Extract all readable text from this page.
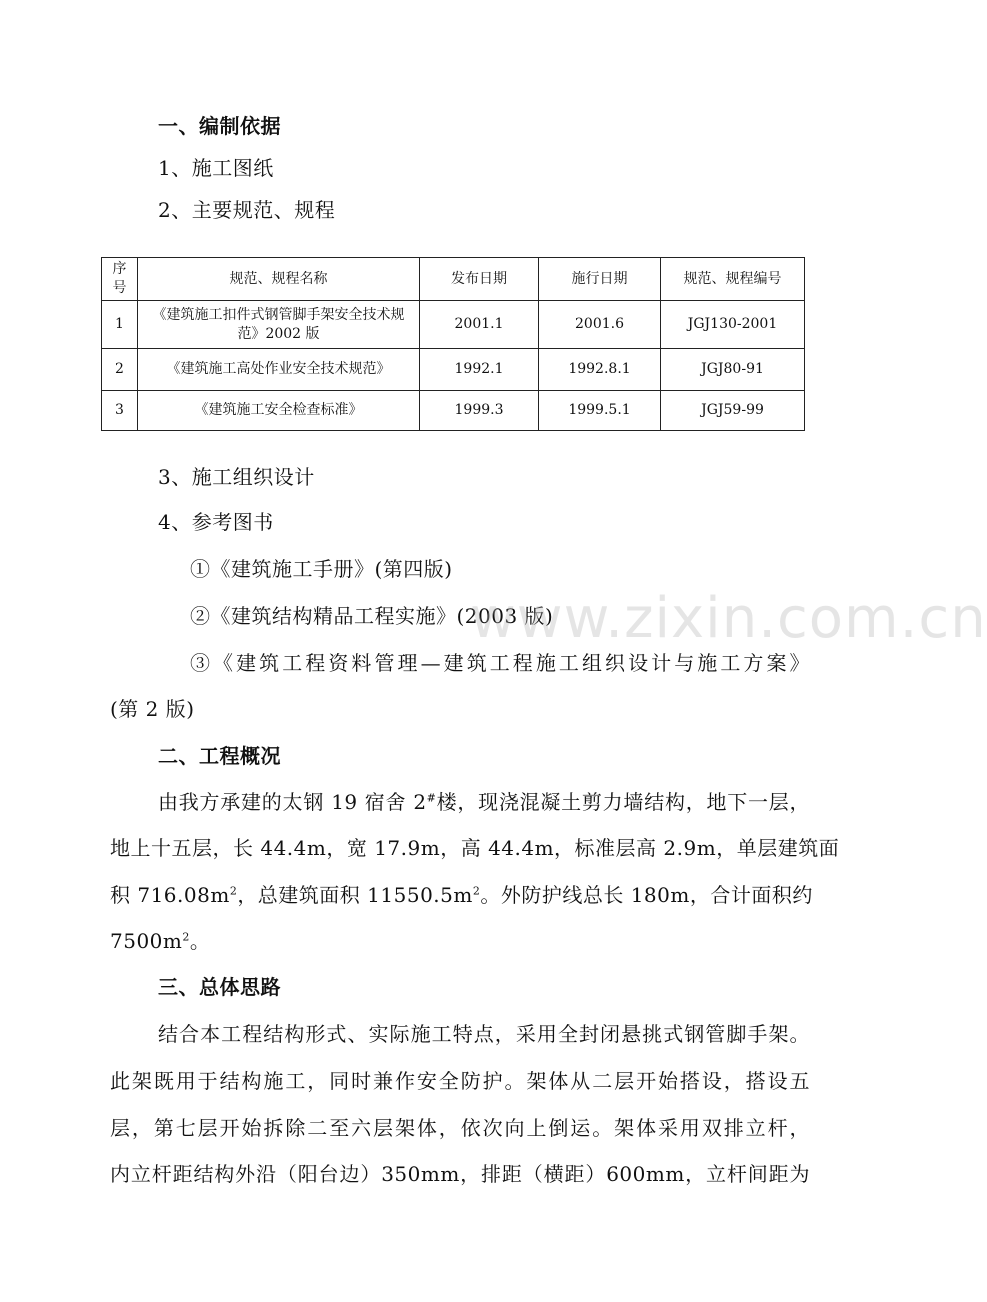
一、编制依据
1、施工图纸
2、主要规范、规程
序号	规范、规程名称	发布日期	施行日期	规范、规程编号
1	《建筑施工扣件式钢管脚手架安全技术规范》2002 版	2001.1	2001.6	JGJ130-2001
2	《建筑施工高处作业安全技术规范》	1992.1	1992.8.1	JGJ80-91
3	《建筑施工安全检查标准》	1999.3	1999.5.1	JGJ59-99
3、施工组织设计
4、参考图书
①《建筑施工手册》(第四版)
②《建筑结构精品工程实施》(2003 版)
③《建筑工程资料管理—建筑工程施工组织设计与施工方案》
(第 2 版)
二、工程概况
由我方承建的太钢 19 宿舍 2#楼，现浇混凝土剪力墙结构，地下一层，
地上十五层，长 44.4m，宽 17.9m，高 44.4m，标准层高 2.9m，单层建筑面
积 $716.08m^2$，总建筑面积 $11550.5m^2$。外防护线总长 180m，合计面积约
$7500m^2$。
三、总体思路
结合本工程结构形式、实际施工特点，采用全封闭悬挑式钢管脚手架。
此架既用于结构施工，同时兼作安全防护。架体从二层开始搭设，搭设五
层，第七层开始拆除二至六层架体，依次向上倒运。架体采用双排立杆，
内立杆距结构外沿（阳台边）350mm，排距（横距）600mm，立杆间距为
www.zixin.com.cn
